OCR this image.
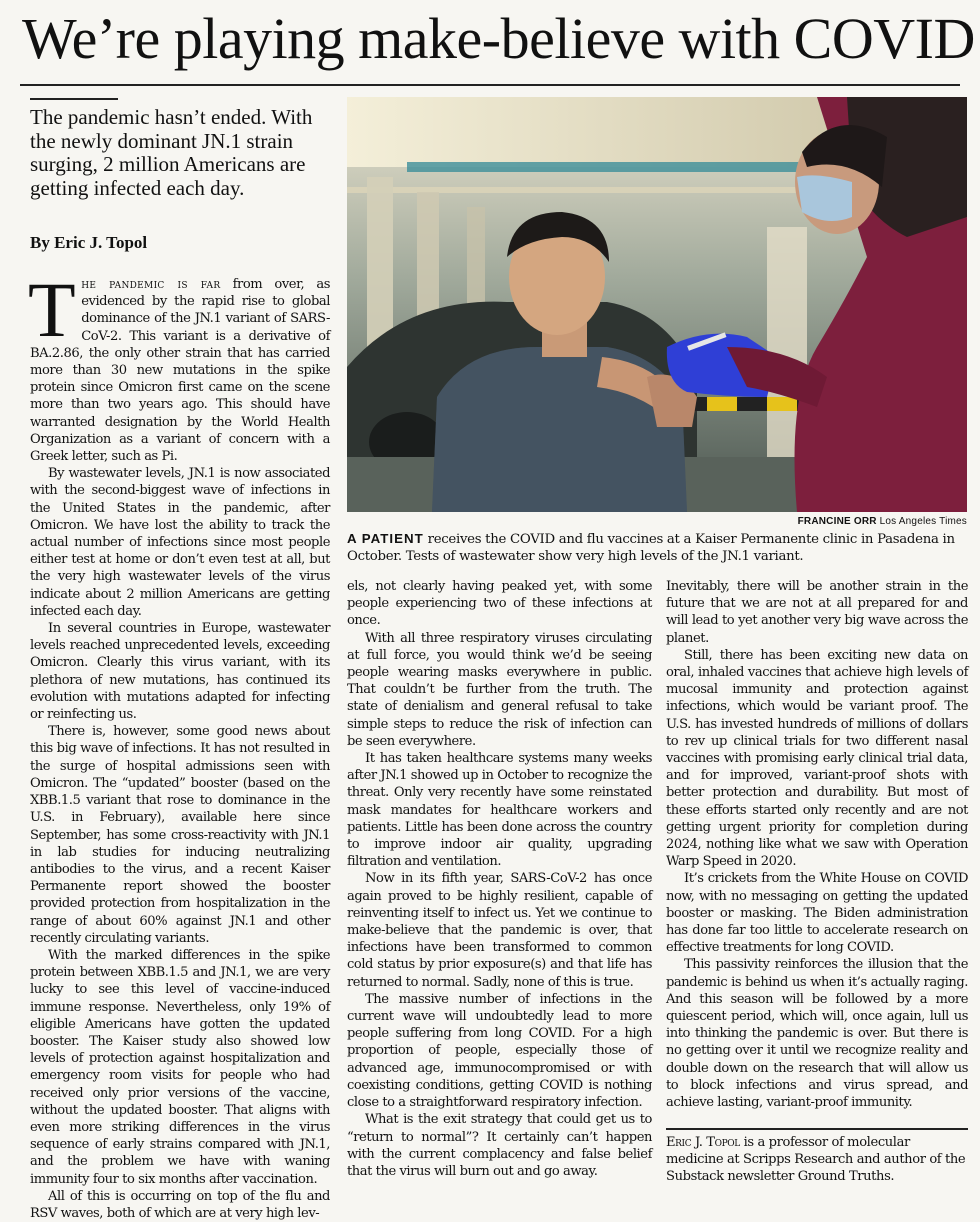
We’re playing make-believe with COVID
The pandemic hasn’t ended. With the newly dominant JN.1 strain surging, 2 million Americans are getting infected each day.
By Eric J. Topol

The pandemic is far from over, as evidenced by the rapid rise to global dominance of the JN.1 variant of SARS-CoV-2. This variant is a derivative of BA.2.86, the only other strain that has carried more than 30 new mutations in the spike protein since Omicron first came on the scene more than two years ago. This should have warranted designation by the World Health Organization as a variant of concern with a Greek letter, such as Pi.

By wastewater levels, JN.1 is now associated with the second-biggest wave of infections in the United States in the pandemic, after Omicron. We have lost the ability to track the actual number of infections since most people either test at home or don’t even test at all, but the very high wastewater levels of the virus indicate about 2 million Americans are getting infected each day.

In several countries in Europe, wastewater levels reached unprecedented levels, exceeding Omicron. Clearly this virus variant, with its plethora of new mutations, has continued its evolution with mutations adapted for infecting or reinfecting us.

There is, however, some good news about this big wave of infections. It has not resulted in the surge of hospital admissions seen with Omicron. The “updated” booster (based on the XBB.1.5 variant that rose to dominance in the U.S. in February), available here since September, has some cross-reactivity with JN.1 in lab studies for inducing neutralizing antibodies to the virus, and a recent Kaiser Permanente report showed the booster provided protection from hospitalization in the range of about 60% against JN.1 and other recently circulating variants.

With the marked differences in the spike protein between XBB.1.5 and JN.1, we are very lucky to see this level of vaccine-induced immune response. Nevertheless, only 19% of eligible Americans have gotten the updated booster. The Kaiser study also showed low levels of protection against hospitalization and emergency room visits for people who had received only prior versions of the vaccine, without the updated booster. That aligns with even more striking differences in the virus sequence of early strains compared with JN.1, and the problem we have with waning immunity four to six months after vaccination.

All of this is occurring on top of the flu and RSV waves, both of which are at very high lev-

FRANCINE ORR Los Angeles Times
A PATIENT receives the COVID and flu vaccines at a Kaiser Permanente clinic in Pasadena in October. Tests of wastewater show very high levels of the JN.1 variant.

els, not clearly having peaked yet, with some people experiencing two of these infections at once.

With all three respiratory viruses circulating at full force, you would think we’d be seeing people wearing masks everywhere in public. That couldn’t be further from the truth. The state of denialism and general refusal to take simple steps to reduce the risk of infection can be seen everywhere.

It has taken healthcare systems many weeks after JN.1 showed up in October to recognize the threat. Only very recently have some reinstated mask mandates for healthcare workers and patients. Little has been done across the country to improve indoor air quality, upgrading filtration and ventilation.

Now in its fifth year, SARS-CoV-2 has once again proved to be highly resilient, capable of reinventing itself to infect us. Yet we continue to make-believe that the pandemic is over, that infections have been transformed to common cold status by prior exposure(s) and that life has returned to normal. Sadly, none of this is true.

The massive number of infections in the current wave will undoubtedly lead to more people suffering from long COVID. For a high proportion of people, especially those of advanced age, immunocompromised or with coexisting conditions, getting COVID is nothing close to a straightforward respiratory infection.

What is the exit strategy that could get us to “return to normal”? It certainly can’t happen with the current complacency and false belief that the virus will burn out and go away.

Inevitably, there will be another strain in the future that we are not at all prepared for and will lead to yet another very big wave across the planet.

Still, there has been exciting new data on oral, inhaled vaccines that achieve high levels of mucosal immunity and protection against infections, which would be variant proof. The U.S. has invested hundreds of millions of dollars to rev up clinical trials for two different nasal vaccines with promising early clinical trial data, and for improved, variant-proof shots with better protection and durability. But most of these efforts started only recently and are not getting urgent priority for completion during 2024, nothing like what we saw with Operation Warp Speed in 2020.

It’s crickets from the White House on COVID now, with no messaging on getting the updated booster or masking. The Biden administration has done far too little to accelerate research on effective treatments for long COVID.

This passivity reinforces the illusion that the pandemic is behind us when it’s actually raging. And this season will be followed by a more quiescent period, which will, once again, lull us into thinking the pandemic is over. But there is no getting over it until we recognize reality and double down on the research that will allow us to block infections and virus spread, and achieve lasting, variant-proof immunity.

Eric J. Topol is a professor of molecular medicine at Scripps Research and author of the Substack newsletter Ground Truths.
